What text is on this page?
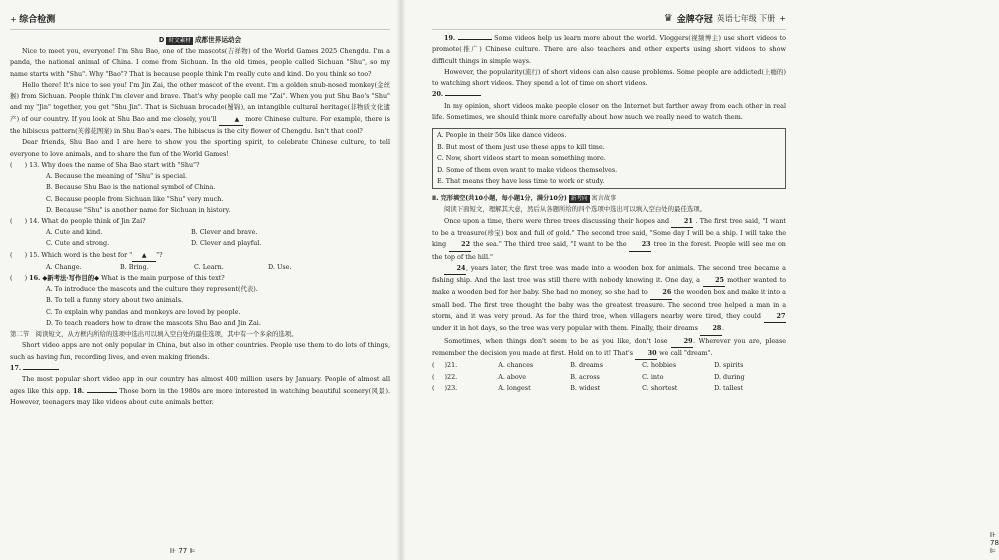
+ 综合检测
D 时文素材 成都世界运动会
Nice to meet you, everyone! I'm Shu Bao, one of the mascots(吉祥物) of the World Games 2025 Chengdu. I'm a panda, the national animal of China. I come from Sichuan. In the old times, people called Sichuan "Shu", so my name starts with "Shu". Why "Bao"? That is because people think I'm really cute and kind. Do you think so too?
Hello there! It's nice to see you! I'm Jin Zai, the other mascot of the event. I'm a golden snub-nosed monkey(金丝猴) from Sichuan. People think I'm clever and brave. That's why people call me "Zai". When you put Shu Bao's "Shu" and my "Jin" together, you get "Shu Jin". That is Sichuan brocade(蜀锦), an intangible cultural heritage(非物质文化遗产) of our country. If you look at Shu Bao and me closely, you'll	▲ more Chinese culture. For example, there is the hibiscus pattern(芙蓉花图案) in Shu Bao's ears. The hibiscus is the city flower of Chengdu. Isn't that cool?
Dear friends, Shu Bao and I are here to show you the sporting spirit, to celebrate Chinese culture, to tell everyone to love animals, and to share the fun of the World Games!
( ) 13. Why does the name of Sha Bao start with "Shu"?
A. Because the meaning of "Shu" is special.
B. Because Shu Bao is the national symbol of China.
C. Because people from Sichuan like "Shu" very much.
D. Because "Shu" is another name for Sichuan in history.
( ) 14. What do people think of Jin Zai?
A. Cute and kind.	B. Clever and brave.
C. Cute and strong.	D. Clever and playful.
( ) 15. Which word is the best for " ▲ "?
A. Change.	B. Bring.	C. Learn.	D. Use.
( ) 16. ◆新考法·写作目的◆ What is the main purpose of this text?
A. To introduce the mascots and the culture they represent(代表).
B. To tell a funny story about two animals.
C. To explain why pandas and monkeys are loved by people.
D. To teach readers how to draw the mascots Shu Bao and Jin Zai.
第二节　阅读短文，从方框内所给的选项中选出可以填入空白处的最佳选项，其中有一个多余的选项。
Short video apps are not only popular in China, but also in other countries. People use them to do lots of things, such as having fun, recording lives, and even making friends.
17.
The most popular short video app in our country has almost 400 million users by January. People of almost all ages like this app. 18.	Those born in the 1980s are more interested in watching beautiful scenery(风景). However, teenagers may like videos about cute animals better.
⊪ 77 ⊫
♛ 金牌夺冠 英语七年级 下册 +
19.	Some videos help us learn more about the world. Vloggers(视频博主) use short videos to promote(推广) Chinese culture. There are also teachers and other experts using short videos to show difficult things in simple ways.
However, the popularity(流行) of short videos can also cause problems. Some people are addicted(上瘾的) to watching short videos. They spend a lot of time on short videos.
20.
In my opinion, short videos make people closer on the Internet but farther away from each other in real life. Sometimes, we should think more carefully about how much we really need to watch them.
A. People in their 50s like dance videos.
B. But most of them just use these apps to kill time.
C. Now, short videos start to mean something more.
D. Some of them even want to make videos themselves.
E. That means they have less time to work or study.
Ⅱ. 完形填空(共10小题，每小题1分，满分10分) 新考向 寓言故事
阅读下面短文，理解其大意，然后从各题所给的四个选项中选出可以填入空白处的最佳选项。
Once upon a time, there were three trees discussing their hopes and 21 . The first tree said, "I want to be a treasure(珍宝) box and full of gold." The second tree said, "Some day I will be a ship. I will take the king 22 the sea." The third tree said, "I want to be the 23 tree in the forest. People will see me on the top of the hill."
24, years later, the first tree was made into a wooden box for animals. The second tree became a fishing ship. And the last tree was still there with nobody knowing it. One day, a 25 mother wanted to make a wooden bed for her baby. She had no money, so she had to 26 the wooden box and make it into a small bed. The first tree thought the baby was the greatest treasure. The second tree helped a man in a storm, and it was very proud. As for the third tree, when villagers nearby were tired, they could 27 under it in hot days, so the tree was very popular with them. Finally, their dreams 28.
Sometimes, when things don't seem to be as you like, don't lose	29. Wherever you are, please remember the decision you made at first. Hold on to it! That's 30 we call "dream".
( )21.	A. chances	B. dreams	C. hobbies	D. spirits
( )22.	A. above	B. across	C. into	D. during
( )23.	A. longest	B. widest	C. shortest	D. tallest
⊪ 78 ⊫
